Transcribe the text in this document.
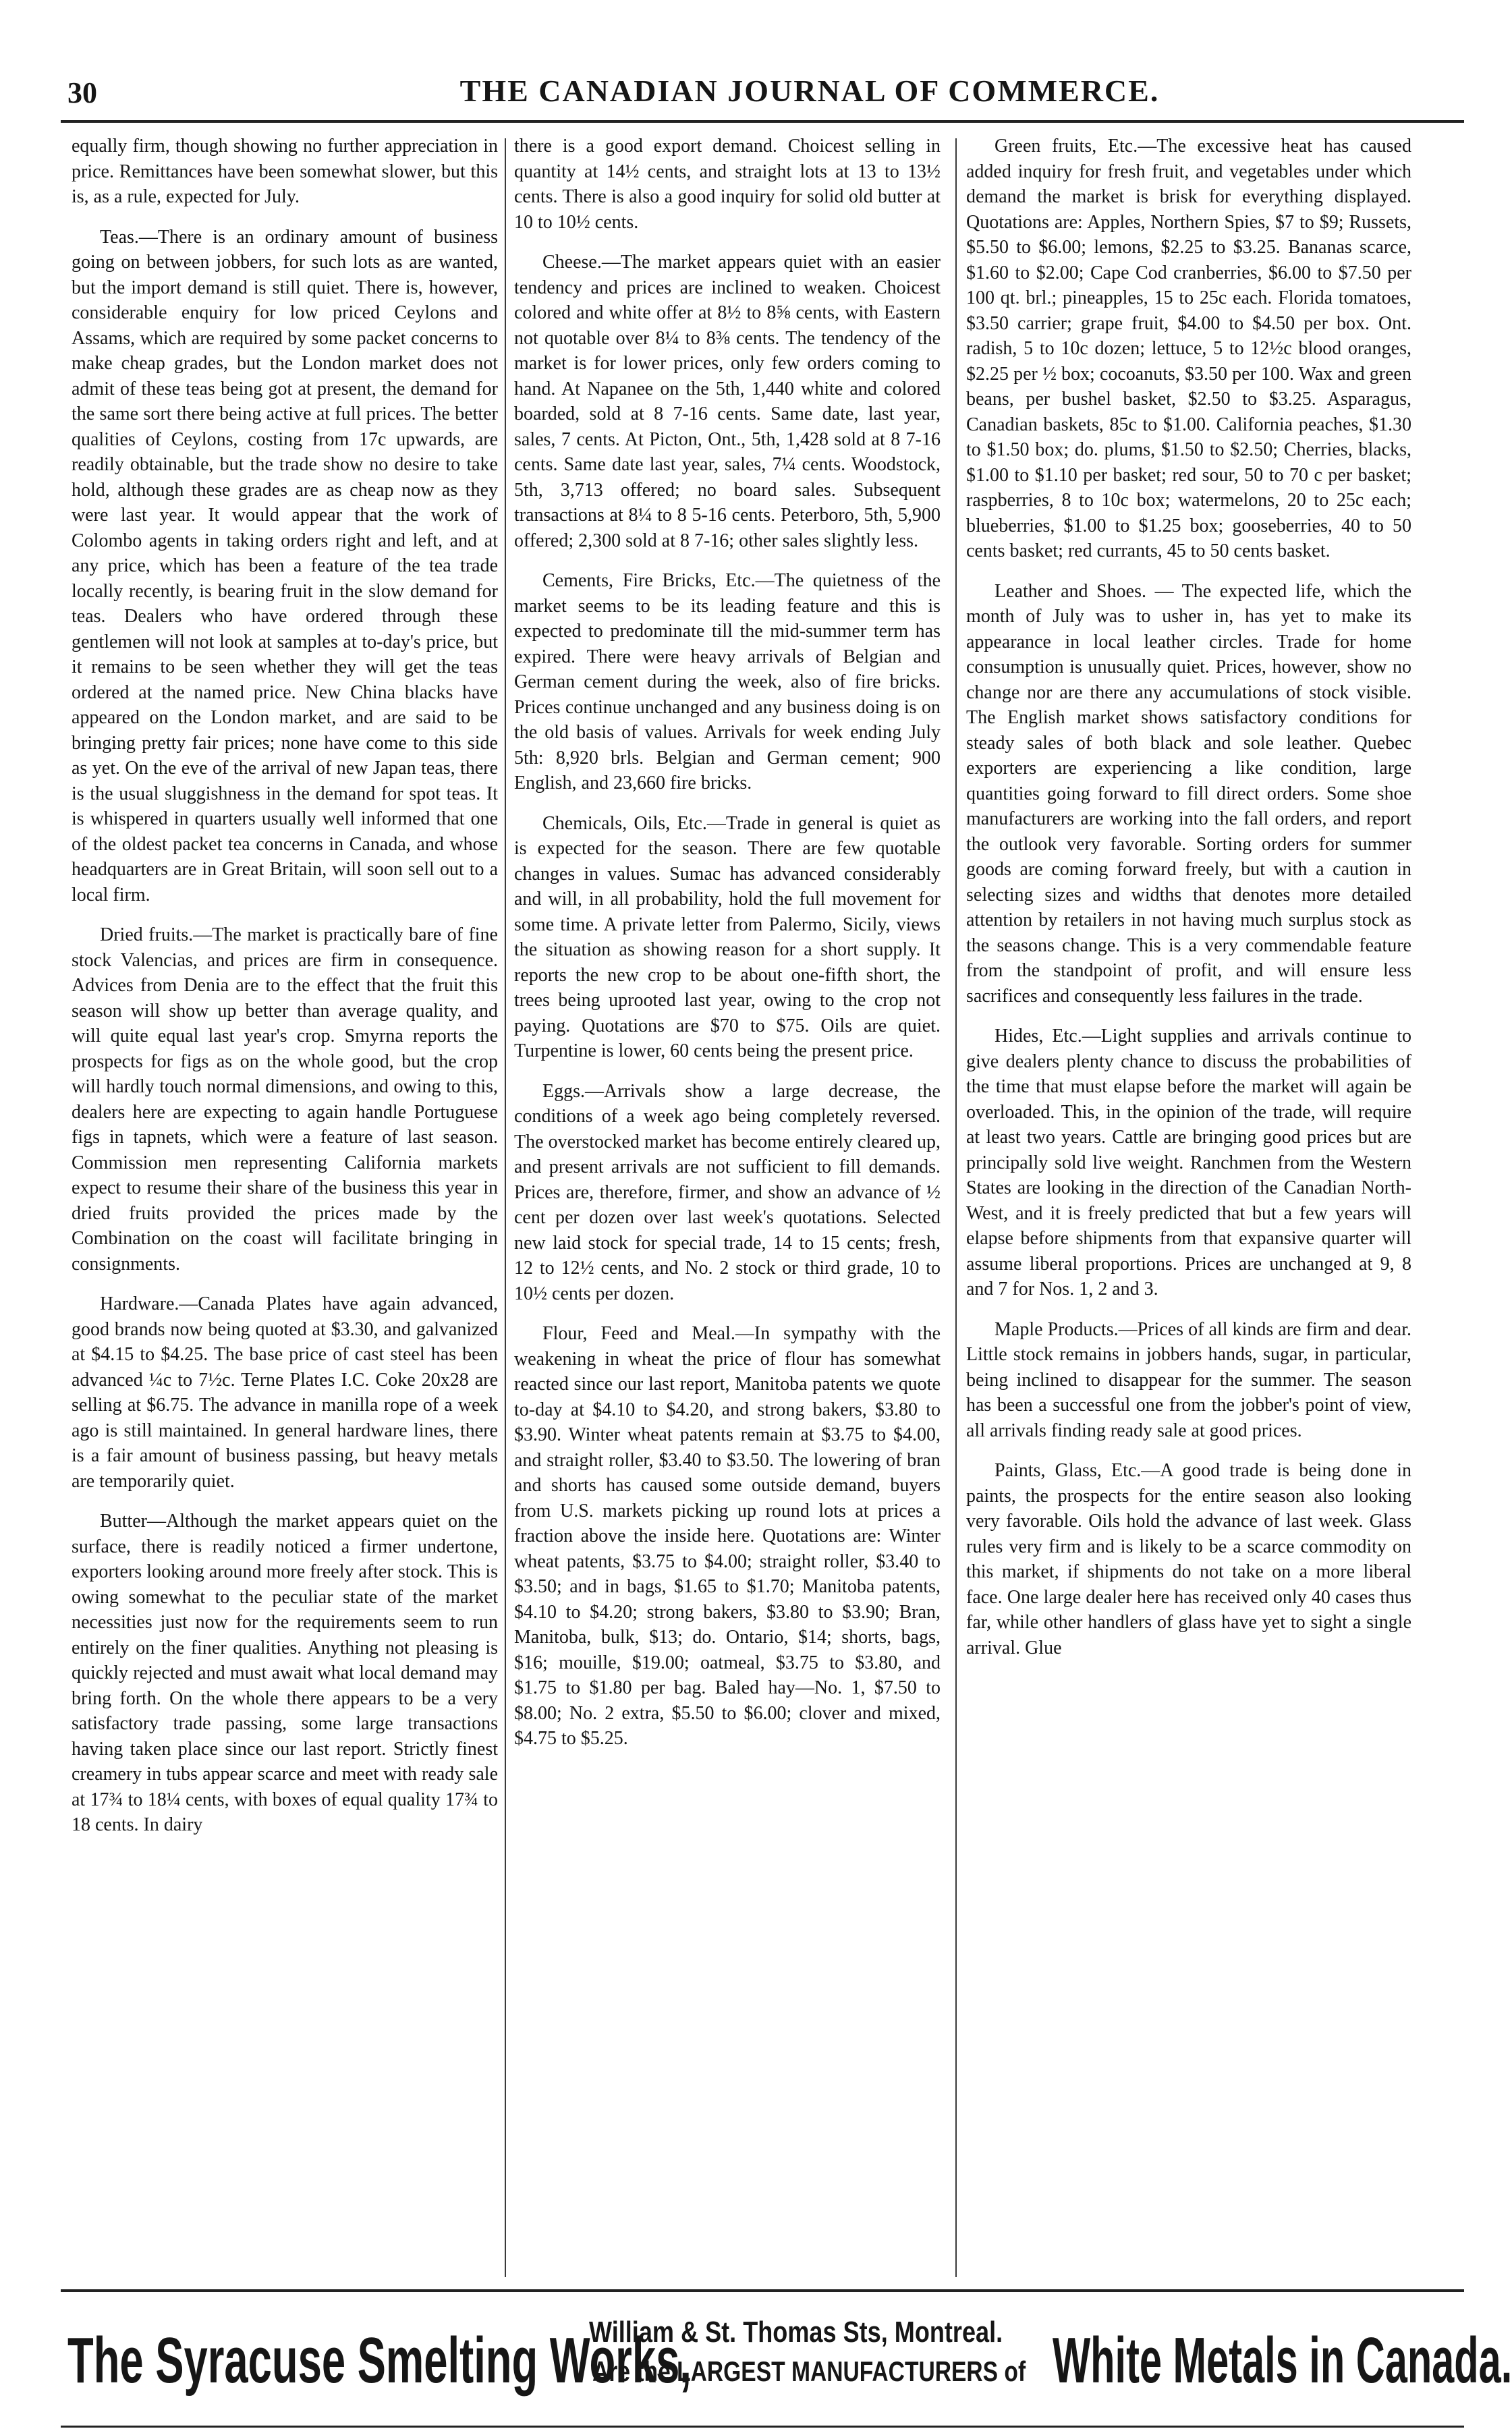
30	THE CANADIAN JOURNAL OF COMMERCE.

equally firm, though showing no further appreciation in price. Remittances have been somewhat slower, but this is, as a rule, expected for July.

Teas.—There is an ordinary amount of business going on between jobbers, for such lots as are wanted, but the import demand is still quiet. There is, however, considerable enquiry for low priced Ceylons and Assams, which are required by some packet concerns to make cheap grades, but the London market does not admit of these teas being got at present, the demand for the same sort there being active at full prices. The better qualities of Ceylons, costing from 17c upwards, are readily obtainable, but the trade show no desire to take hold, although these grades are as cheap now as they were last year. It would appear that the work of Colombo agents in taking orders right and left, and at any price, which has been a feature of the tea trade locally recently, is bearing fruit in the slow demand for teas. Dealers who have ordered through these gentlemen will not look at samples at to-day's price, but it remains to be seen whether they will get the teas ordered at the named price. New China blacks have appeared on the London market, and are said to be bringing pretty fair prices; none have come to this side as yet. On the eve of the arrival of new Japan teas, there is the usual sluggishness in the demand for spot teas. It is whispered in quarters usually well informed that one of the oldest packet tea concerns in Canada, and whose headquarters are in Great Britain, will soon sell out to a local firm.

Dried fruits.—The market is practically bare of fine stock Valencias, and prices are firm in consequence. Advices from Denia are to the effect that the fruit this season will show up better than average quality, and will quite equal last year's crop. Smyrna reports the prospects for figs as on the whole good, but the crop will hardly touch normal dimensions, and owing to this, dealers here are expecting to again handle Portuguese figs in tapnets, which were a feature of last season. Commission men representing California markets expect to resume their share of the business this year in dried fruits provided the prices made by the Combination on the coast will facilitate bringing in consignments.

Hardware.—Canada Plates have again advanced, good brands now being quoted at $3.30, and galvanized at $4.15 to $4.25. The base price of cast steel has been advanced ¼c to 7½c. Terne Plates I.C. Coke 20x28 are selling at $6.75. The advance in manilla rope of a week ago is still maintained. In general hardware lines, there is a fair amount of business passing, but heavy metals are temporarily quiet.

Butter—Although the market appears quiet on the surface, there is readily noticed a firmer undertone, exporters looking around more freely after stock. This is owing somewhat to the peculiar state of the market necessities just now for the requirements seem to run entirely on the finer qualities. Anything not pleasing is quickly rejected and must await what local demand may bring forth. On the whole there appears to be a very satisfactory trade passing, some large transactions having taken place since our last report. Strictly finest creamery in tubs appear scarce and meet with ready sale at 17¾ to 18¼ cents, with boxes of equal quality 17¾ to 18 cents. In dairy

there is a good export demand. Choicest selling in quantity at 14½ cents, and straight lots at 13 to 13½ cents. There is also a good inquiry for solid old butter at 10 to 10½ cents.

Cheese.—The market appears quiet with an easier tendency and prices are inclined to weaken. Choicest colored and white offer at 8½ to 8⅝ cents, with Eastern not quotable over 8¼ to 8⅜ cents. The tendency of the market is for lower prices, only few orders coming to hand. At Napanee on the 5th, 1,440 white and colored boarded, sold at 8 7-16 cents. Same date, last year, sales, 7 cents. At Picton, Ont., 5th, 1,428 sold at 8 7-16 cents. Same date last year, sales, 7¼ cents. Woodstock, 5th, 3,713 offered; no board sales. Subsequent transactions at 8¼ to 8 5-16 cents. Peterboro, 5th, 5,900 offered; 2,300 sold at 8 7-16; other sales slightly less.

Cements, Fire Bricks, Etc.—The quietness of the market seems to be its leading feature and this is expected to predominate till the mid-summer term has expired. There were heavy arrivals of Belgian and German cement during the week, also of fire bricks. Prices continue unchanged and any business doing is on the old basis of values. Arrivals for week ending July 5th: 8,920 brls. Belgian and German cement; 900 English, and 23,660 fire bricks.

Chemicals, Oils, Etc.—Trade in general is quiet as is expected for the season. There are few quotable changes in values. Sumac has advanced considerably and will, in all probability, hold the full movement for some time. A private letter from Palermo, Sicily, views the situation as showing reason for a short supply. It reports the new crop to be about one-fifth short, the trees being uprooted last year, owing to the crop not paying. Quotations are $70 to $75. Oils are quiet. Turpentine is lower, 60 cents being the present price.

Eggs.—Arrivals show a large decrease, the conditions of a week ago being completely reversed. The overstocked market has become entirely cleared up, and present arrivals are not sufficient to fill demands. Prices are, therefore, firmer, and show an advance of ½ cent per dozen over last week's quotations. Selected new laid stock for special trade, 14 to 15 cents; fresh, 12 to 12½ cents, and No. 2 stock or third grade, 10 to 10½ cents per dozen.

Flour, Feed and Meal.—In sympathy with the weakening in wheat the price of flour has somewhat reacted since our last report, Manitoba patents we quote to-day at $4.10 to $4.20, and strong bakers, $3.80 to $3.90. Winter wheat patents remain at $3.75 to $4.00, and straight roller, $3.40 to $3.50. The lowering of bran and shorts has caused some outside demand, buyers from U.S. markets picking up round lots at prices a fraction above the inside here. Quotations are: Winter wheat patents, $3.75 to $4.00; straight roller, $3.40 to $3.50; and in bags, $1.65 to $1.70; Manitoba patents, $4.10 to $4.20; strong bakers, $3.80 to $3.90; Bran, Manitoba, bulk, $13; do. Ontario, $14; shorts, bags, $16; mouille, $19.00; oatmeal, $3.75 to $3.80, and $1.75 to $1.80 per bag. Baled hay—No. 1, $7.50 to $8.00; No. 2 extra, $5.50 to $6.00; clover and mixed, $4.75 to $5.25.

Green fruits, Etc.—The excessive heat has caused added inquiry for fresh fruit, and vegetables under which demand the market is brisk for everything displayed. Quotations are: Apples, Northern Spies, $7 to $9; Russets, $5.50 to $6.00; lemons, $2.25 to $3.25. Bananas scarce, $1.60 to $2.00; Cape Cod cranberries, $6.00 to $7.50 per 100 qt. brl.; pineapples, 15 to 25c each. Florida tomatoes, $3.50 carrier; grape fruit, $4.00 to $4.50 per box. Ont. radish, 5 to 10c dozen; lettuce, 5 to 12½c blood oranges, $2.25 per ½ box; cocoanuts, $3.50 per 100. Wax and green beans, per bushel basket, $2.50 to $3.25. Asparagus, Canadian baskets, 85c to $1.00. California peaches, $1.30 to $1.50 box; do. plums, $1.50 to $2.50; Cherries, blacks, $1.00 to $1.10 per basket; red sour, 50 to 70 c per basket; raspberries, 8 to 10c box; watermelons, 20 to 25c each; blueberries, $1.00 to $1.25 box; gooseberries, 40 to 50 cents basket; red currants, 45 to 50 cents basket.

Leather and Shoes. — The expected life, which the month of July was to usher in, has yet to make its appearance in local leather circles. Trade for home consumption is unusually quiet. Prices, however, show no change nor are there any accumulations of stock visible. The English market shows satisfactory conditions for steady sales of both black and sole leather. Quebec exporters are experiencing a like condition, large quantities going forward to fill direct orders. Some shoe manufacturers are working into the fall orders, and report the outlook very favorable. Sorting orders for summer goods are coming forward freely, but with a caution in selecting sizes and widths that denotes more detailed attention by retailers in not having much surplus stock as the seasons change. This is a very commendable feature from the standpoint of profit, and will ensure less sacrifices and consequently less failures in the trade.

Hides, Etc.—Light supplies and arrivals continue to give dealers plenty chance to discuss the probabilities of the time that must elapse before the market will again be overloaded. This, in the opinion of the trade, will require at least two years. Cattle are bringing good prices but are principally sold live weight. Ranchmen from the Western States are looking in the direction of the Canadian North-West, and it is freely predicted that but a few years will elapse before shipments from that expansive quarter will assume liberal proportions. Prices are unchanged at 9, 8 and 7 for Nos. 1, 2 and 3.

Maple Products.—Prices of all kinds are firm and dear. Little stock remains in jobbers hands, sugar, in particular, being inclined to disappear for the summer. The season has been a successful one from the jobber's point of view, all arrivals finding ready sale at good prices.

Paints, Glass, Etc.—A good trade is being done in paints, the prospects for the entire season also looking very favorable. Oils hold the advance of last week. Glass rules very firm and is likely to be a scarce commodity on this market, if shipments do not take on a more liberal face. One large dealer here has received only 40 cases thus far, while other handlers of glass have yet to sight a single arrival. Glue

The Syracuse Smelting Works,
William & St. Thomas Sts, Montreal.
Are the LARGEST MANUFACTURERS of White Metals in Canada.
